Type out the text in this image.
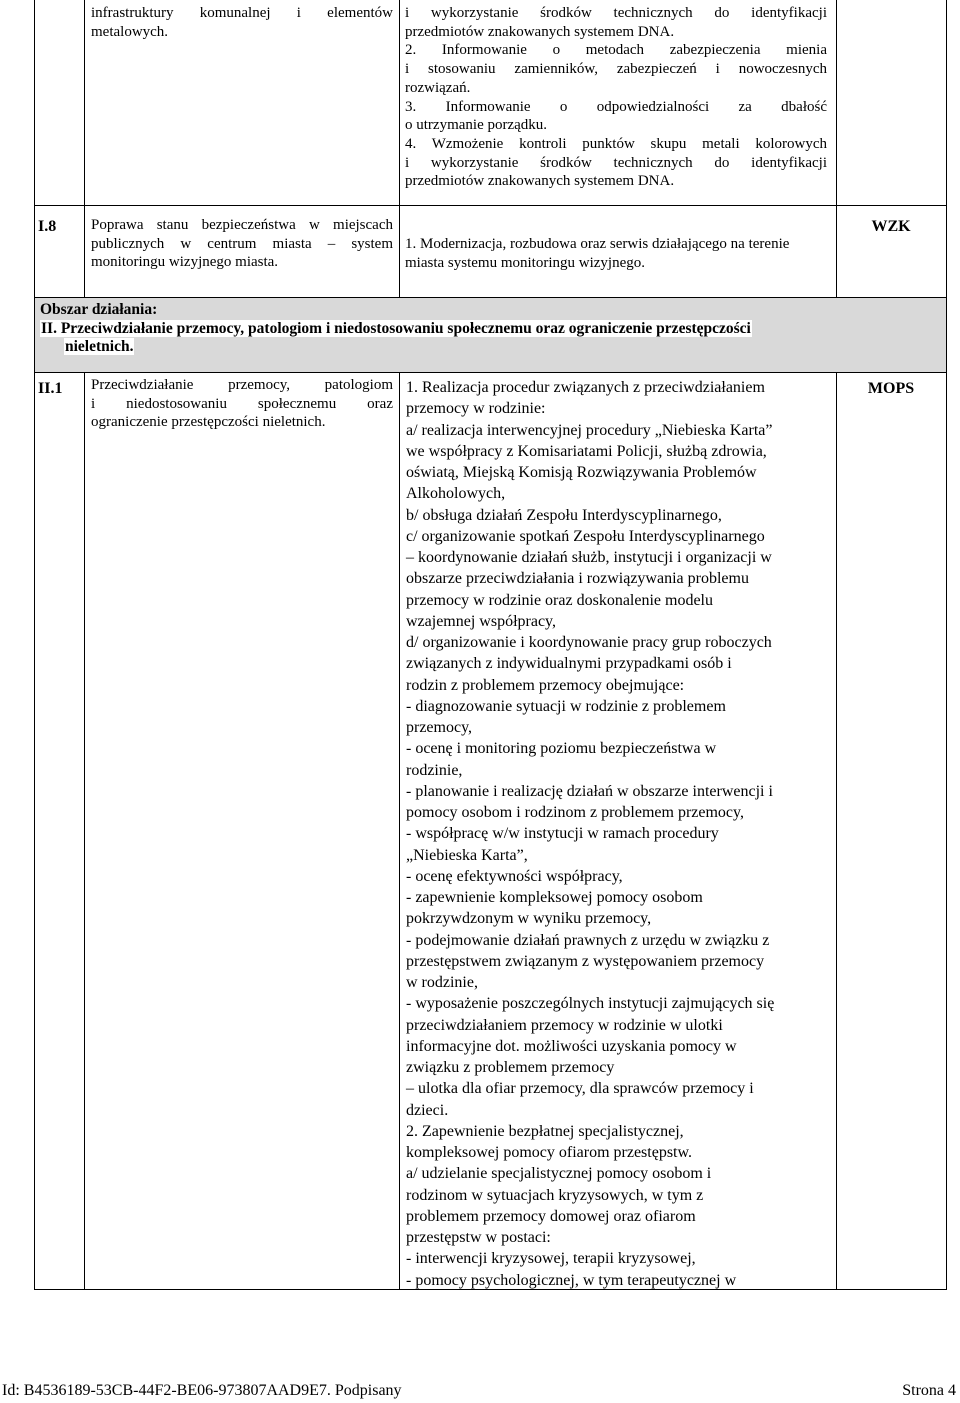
infrastruktury komunalnej i elementów
metalowych.
i wykorzystanie środków technicznych do identyfikacji
przedmiotów znakowanych systemem DNA.
2. Informowanie o metodach zabezpieczenia mienia
i stosowaniu zamienników, zabezpieczeń i nowoczesnych
rozwiązań.
3. Informowanie o odpowiedzialności za dbałość
o utrzymanie porządku.
4. Wzmożenie kontroli punktów skupu metali kolorowych
i wykorzystanie środków technicznych do identyfikacji
przedmiotów znakowanych systemem DNA.
I.8 Poprawa stanu bezpieczeństwa w miejscach
publicznych w centrum miasta – system
monitoringu wizyjnego miasta.
1. Modernizacja, rozbudowa oraz serwis działającego na terenie
miasta systemu monitoringu wizyjnego.
WZK
Obszar działania:
II. Przeciwdziałanie przemocy, patologiom i niedostosowaniu społecznemu oraz ograniczenie przestępczości
nieletnich.
II.1 Przeciwdziałanie przemocy, patologiom
i niedostosowaniu społecznemu oraz
ograniczenie przestępczości nieletnich.
MOPS
1. Realizacja procedur związanych z przeciwdziałaniem
przemocy w rodzinie:
a/ realizacja interwencyjnej procedury „Niebieska Karta”
we współpracy z Komisariatami Policji, służbą zdrowia,
oświatą, Miejską Komisją Rozwiązywania Problemów
Alkoholowych,
b/ obsługa działań Zespołu Interdyscyplinarnego,
c/ organizowanie spotkań Zespołu Interdyscyplinarnego
– koordynowanie działań służb, instytucji i organizacji w
obszarze przeciwdziałania i rozwiązywania problemu
przemocy w rodzinie oraz doskonalenie modelu
wzajemnej współpracy,
d/ organizowanie i koordynowanie pracy grup roboczych
związanych z indywidualnymi przypadkami osób i
rodzin z problemem przemocy obejmujące:
- diagnozowanie sytuacji w rodzinie z problemem
przemocy,
- ocenę i monitoring poziomu bezpieczeństwa w
rodzinie,
- planowanie i realizację działań w obszarze interwencji i
pomocy osobom i rodzinom z problemem przemocy,
- współpracę w/w instytucji w ramach procedury
„Niebieska Karta”,
- ocenę efektywności współpracy,
- zapewnienie kompleksowej pomocy osobom
pokrzywdzonym w wyniku przemocy,
- podejmowanie działań prawnych z urzędu w związku z
przestępstwem związanym z występowaniem przemocy
w rodzinie,
- wyposażenie poszczególnych instytucji zajmujących się
przeciwdziałaniem przemocy w rodzinie w ulotki
informacyjne dot. możliwości uzyskania pomocy w
związku z problemem przemocy
– ulotka dla ofiar przemocy, dla sprawców przemocy i
dzieci.
2. Zapewnienie bezpłatnej specjalistycznej,
kompleksowej pomocy ofiarom przestępstw.
a/ udzielanie specjalistycznej pomocy osobom i
rodzinom w sytuacjach kryzysowych, w tym z
problemem przemocy domowej oraz ofiarom
przestępstw w postaci:
- interwencji kryzysowej, terapii kryzysowej,
- pomocy psychologicznej, w tym terapeutycznej w
Id: B4536189-53CB-44F2-BE06-973807AAD9E7. Podpisany	Strona 4
